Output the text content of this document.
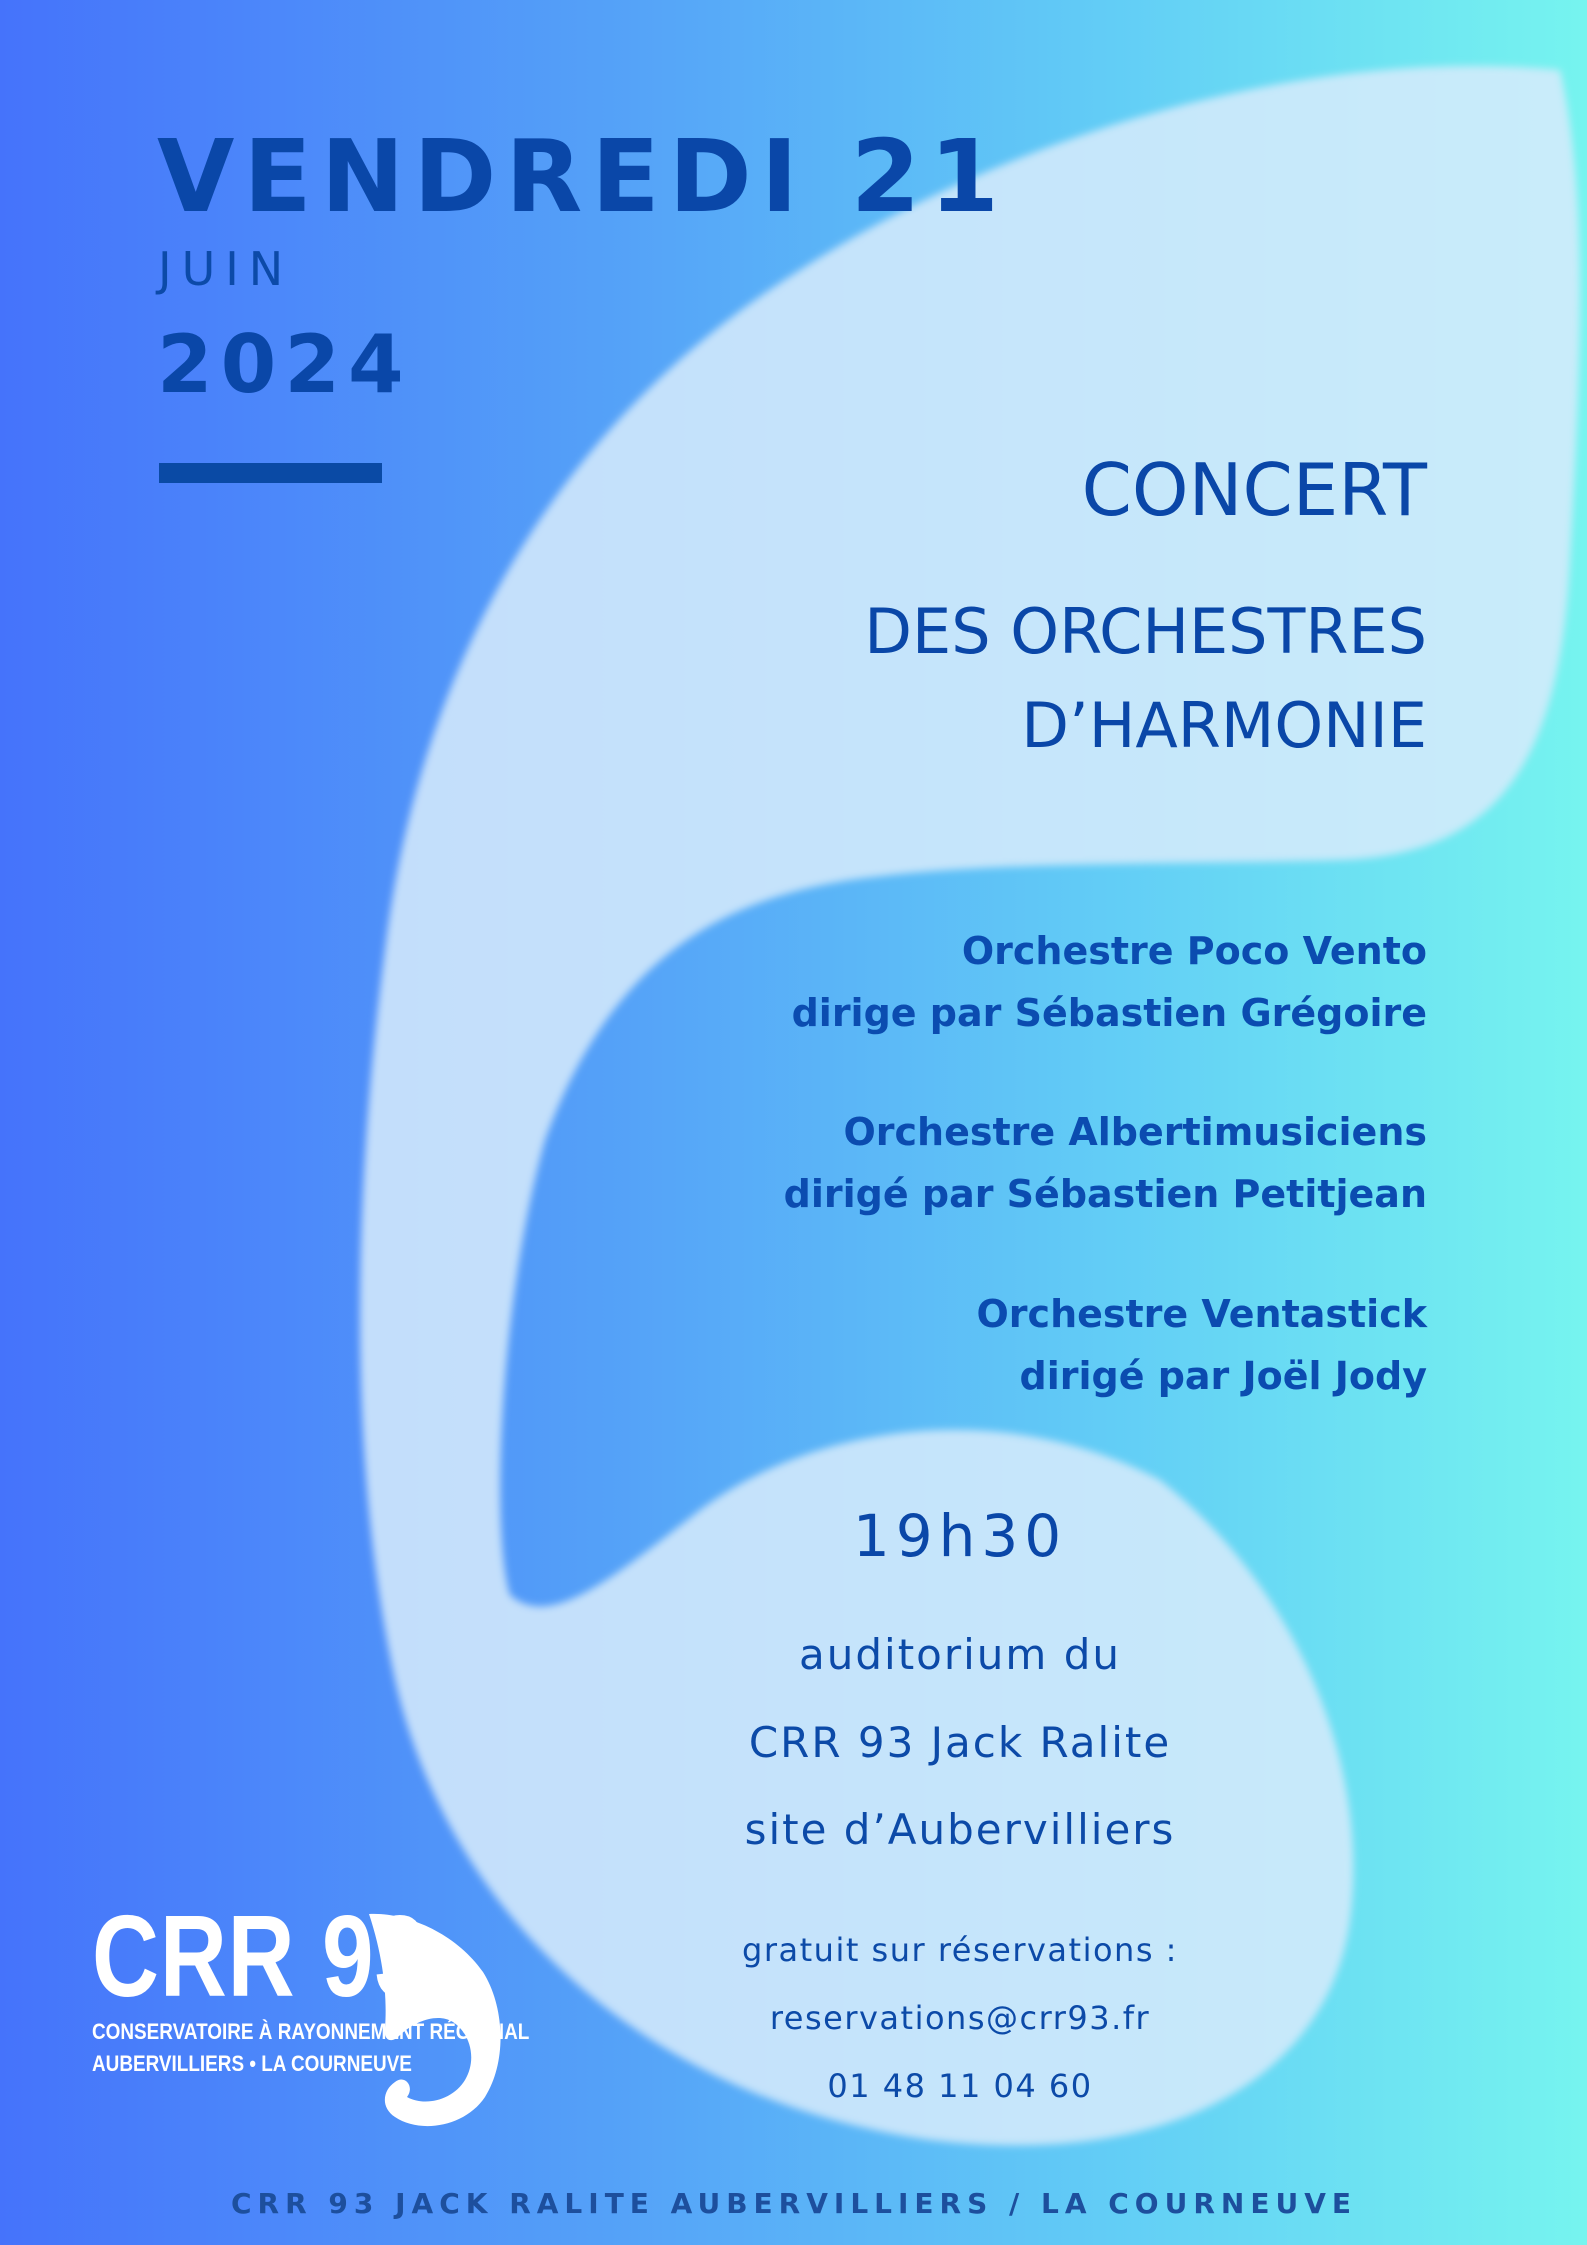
VENDREDI 21
JUIN
2024
CONCERT
DES ORCHESTRES
D’HARMONIE
Orchestre Poco Vento
dirige par Sébastien Grégoire
Orchestre Albertimusiciens
dirigé par Sébastien Petitjean
Orchestre Ventastick
dirigé par Joël Jody
19h30
auditorium du
CRR 93 Jack Ralite
site d’Aubervilliers
gratuit sur réservations :
reservations@crr93.fr
01 48 11 04 60
CRR 93
CONSERVATOIRE À RAYONNEMENT RÉGIONAL
AUBERVILLIERS • LA COURNEUVE
CRR 93 JACK RALITE AUBERVILLIERS / LA COURNEUVE
